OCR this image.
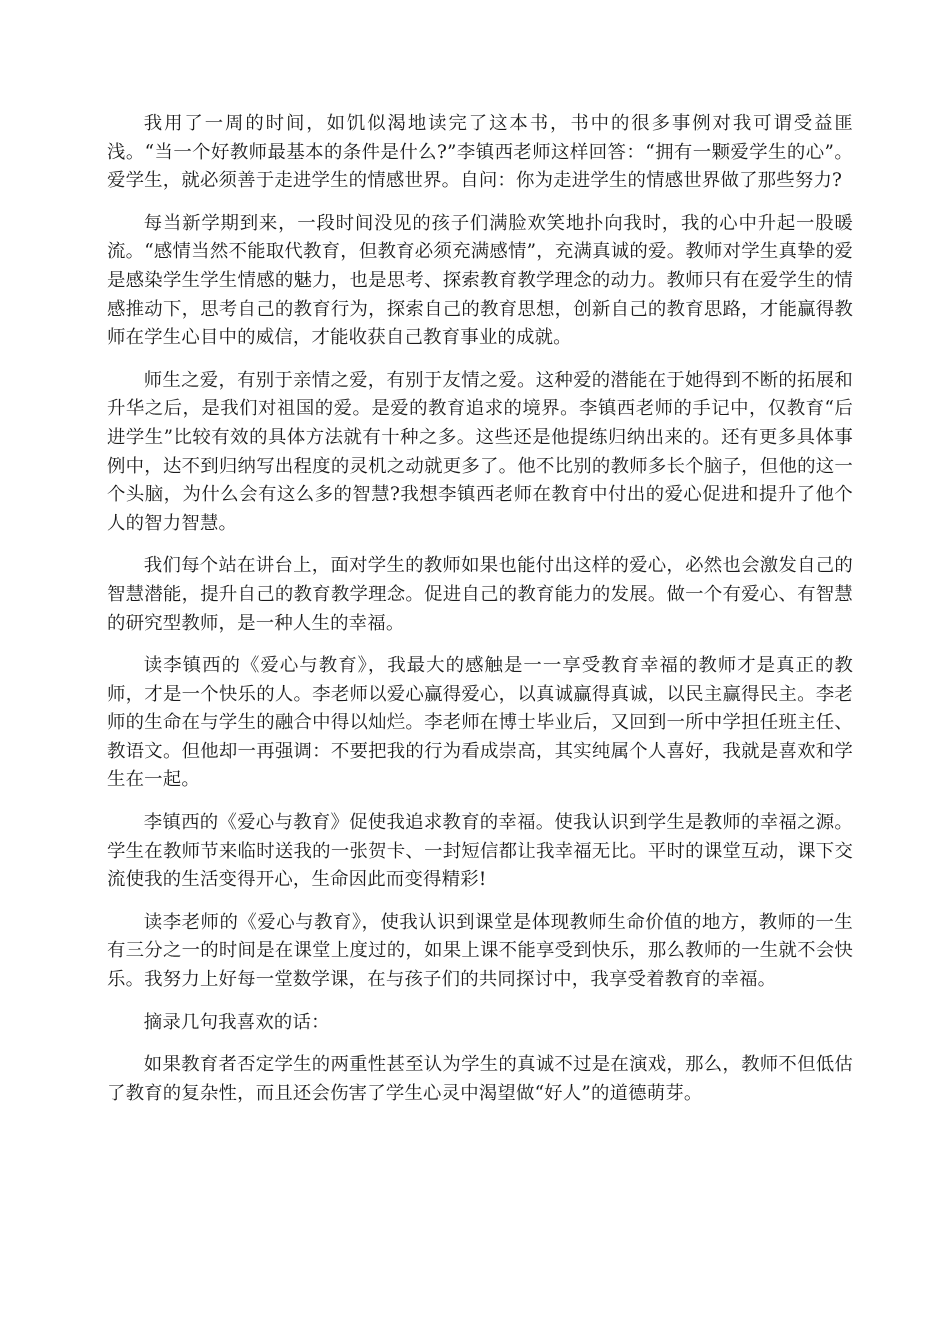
我用了一周的时间，如饥似渴地读完了这本书，书中的很多事例对我可谓受益匪浅。“当一个好教师最基本的条件是什么?”李镇西老师这样回答：“拥有一颗爱学生的心”。爱学生，就必须善于走进学生的情感世界。自问：你为走进学生的情感世界做了那些努力?

每当新学期到来，一段时间没见的孩子们满脸欢笑地扑向我时，我的心中升起一股暖流。“感情当然不能取代教育，但教育必须充满感情”，充满真诚的爱。教师对学生真挚的爱是感染学生学生情感的魅力，也是思考、探索教育教学理念的动力。教师只有在爱学生的情感推动下，思考自己的教育行为，探索自己的教育思想，创新自己的教育思路，才能赢得教师在学生心目中的威信，才能收获自己教育事业的成就。

师生之爱，有别于亲情之爱，有别于友情之爱。这种爱的潜能在于她得到不断的拓展和升华之后，是我们对祖国的爱。是爱的教育追求的境界。李镇西老师的手记中，仅教育“后进学生”比较有效的具体方法就有十种之多。这些还是他提练归纳出来的。还有更多具体事例中，达不到归纳写出程度的灵机之动就更多了。他不比别的教师多长个脑子，但他的这一个头脑，为什么会有这么多的智慧?我想李镇西老师在教育中付出的爱心促进和提升了他个人的智力智慧。

我们每个站在讲台上，面对学生的教师如果也能付出这样的爱心，必然也会激发自己的智慧潜能，提升自己的教育教学理念。促进自己的教育能力的发展。做一个有爱心、有智慧的研究型教师，是一种人生的幸福。

读李镇西的《爱心与教育》，我最大的感触是一一享受教育幸福的教师才是真正的教师，才是一个快乐的人。李老师以爱心赢得爱心，以真诚赢得真诚，以民主赢得民主。李老师的生命在与学生的融合中得以灿烂。李老师在博士毕业后，又回到一所中学担任班主任、教语文。但他却一再强调：不要把我的行为看成崇高，其实纯属个人喜好，我就是喜欢和学生在一起。

李镇西的《爱心与教育》促使我追求教育的幸福。使我认识到学生是教师的幸福之源。学生在教师节来临时送我的一张贺卡、一封短信都让我幸福无比。平时的课堂互动，课下交流使我的生活变得开心，生命因此而变得精彩!

读李老师的《爱心与教育》，使我认识到课堂是体现教师生命价值的地方，教师的一生有三分之一的时间是在课堂上度过的，如果上课不能享受到快乐，那么教师的一生就不会快乐。我努力上好每一堂数学课，在与孩子们的共同探讨中，我享受着教育的幸福。

摘录几句我喜欢的话：

如果教育者否定学生的两重性甚至认为学生的真诚不过是在演戏，那么，教师不但低估了教育的复杂性，而且还会伤害了学生心灵中渴望做“好人”的道德萌芽。
